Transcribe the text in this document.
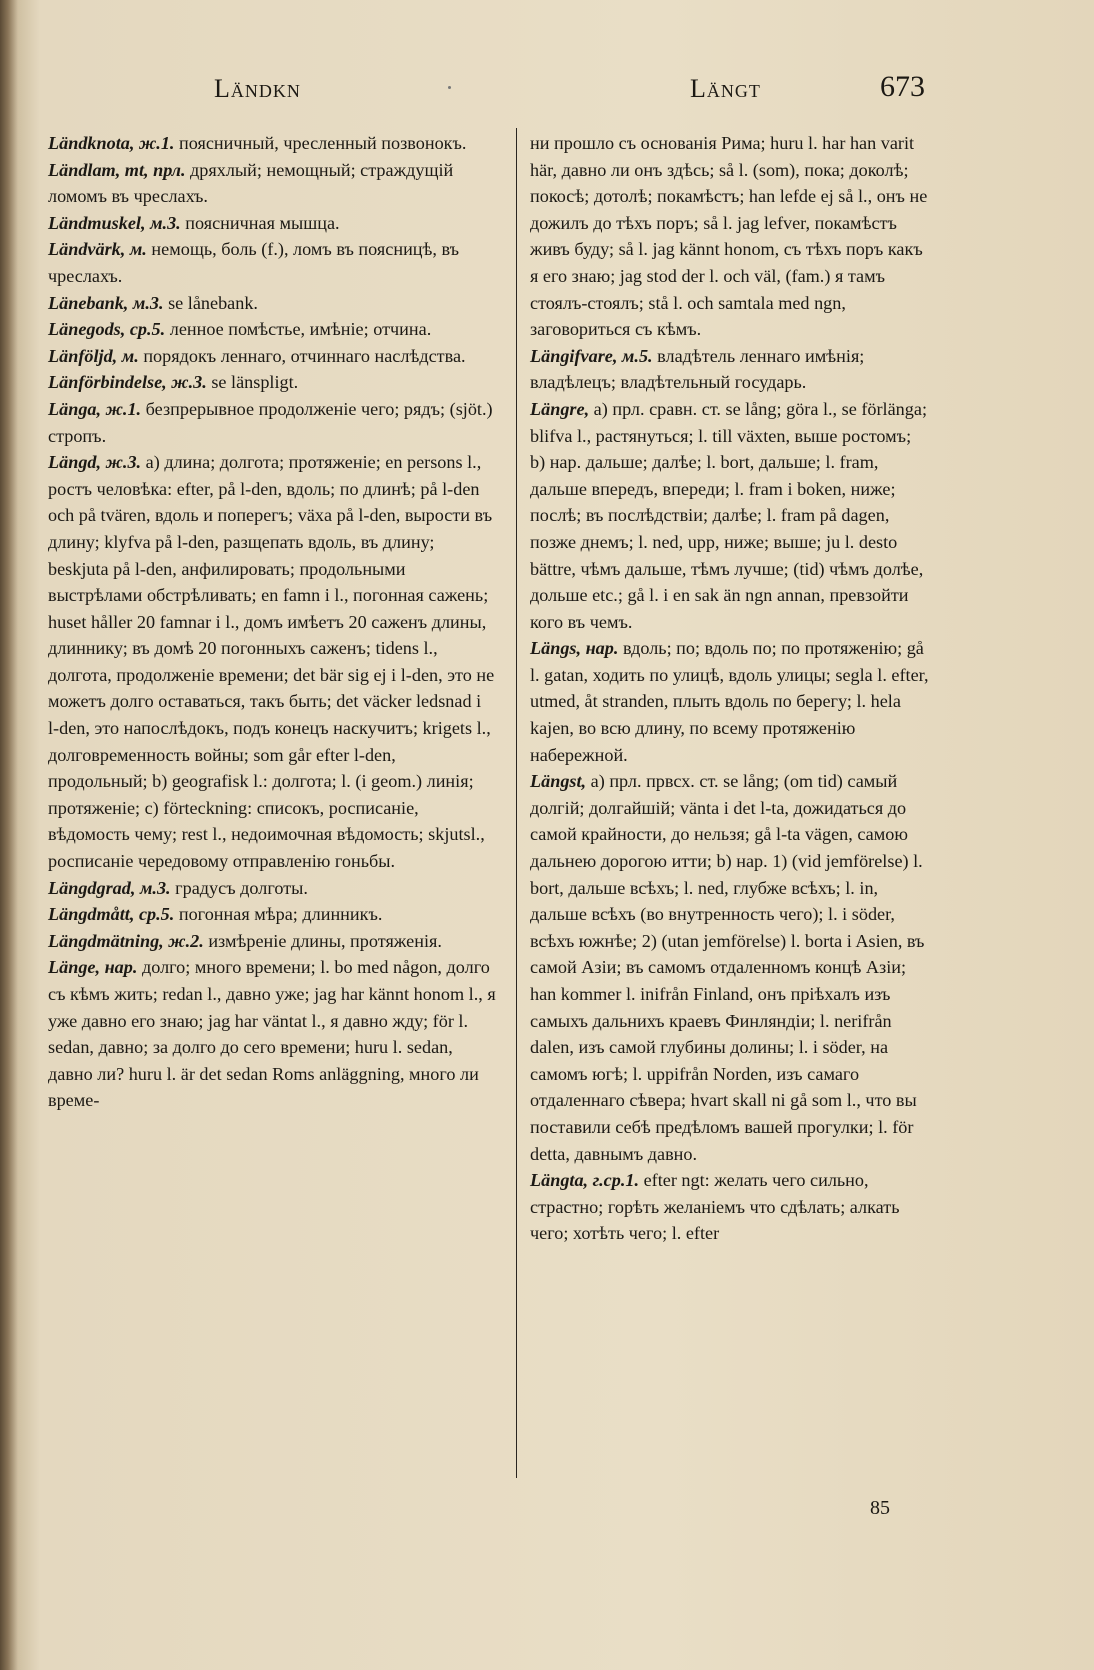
Ländkn	Längt	673
Ländknota, ж.1. поясничный, чресленный позвонокъ.
Ländlam, mt, прл. дряхлый; немощный; страждущій ломомъ въ чреслахъ.
Ländmuskel, м.3. поясничная мышца.
Ländvärk, м. немощь, боль (f.), ломъ въ поясницѣ, въ чреслахъ.
Länebank, м.3. se lånebank.
Länegods, ср.5. ленное помѣстье, имѣніе; отчина.
Länföljd, м. порядокъ леннаго, отчиннаго наслѣдства.
Länförbindelse, ж.3. se länspligt.
Länga, ж.1. безпрерывное продолженіе чего; рядъ; (sjöt.) стропъ.
Längd, ж.3. а) длина; долгота; протяженіе; en persons l., ростъ человѣка: efter, på l-den, вдоль; по длинѣ; på l-den och på tvären, вдоль и поперегъ; växa på l-den, вырости въ длину; klyfva på l-den, разщепать вдоль, въ длину; beskjuta på l-den, анфилировать; продольными выстрѣлами обстрѣливать; en famn i l., погонная сажень; huset håller 20 famnar i l., домъ имѣетъ 20 саженъ длины, длиннику; въ домѣ 20 погонныхъ саженъ; tidens l., долгота, продолженіе времени; det bär sig ej i l-den, это не можетъ долго оставаться, такъ быть; det väcker ledsnad i l-den, это напослѣдокъ, подъ конецъ наскучитъ; krigets l., долговременность войны; som går efter l-den, продольный; b) geografisk l.: долгота; l. (i geom.) линія; протяженіе; c) förteckning: списокъ, росписаніе, вѣдомость чему; rest l., недоимочная вѣдомость; skjutsl., росписаніе чередовому отправленію гоньбы.
Längdgrad, м.3. градусъ долготы.
Längdmått, ср.5. погонная мѣра; длинникъ.
Längdmätning, ж.2. измѣреніе длины, протяженія.
Länge, нар. долго; много времени; l. bo med någon, долго съ кѣмъ жить; redan l., давно уже; jag har kännt honom l., я уже давно его знаю; jag har väntat l., я давно жду; för l. sedan, давно; за долго до сего времени; huru l. sedan, давно ли? huru l. är det sedan Roms anläggning, много ли време-
ни прошло съ основанія Рима; huru l. har han varit här, давно ли онъ здѣсь; så l. (som), пока; доколѣ; покосѣ; дотолѣ; покамѣстъ; han lefde ej så l., онъ не дожилъ до тѣхъ поръ; så l. jag lefver, покамѣстъ живъ буду; så l. jag kännt honom, съ тѣхъ поръ какъ я его знаю; jag stod der l. och väl, (fam.) я тамъ стоялъ-стоялъ; stå l. och samtala med ngn, заговориться съ кѣмъ.
Längifvare, м.5. владѣтель леннаго имѣнія; владѣлецъ; владѣтельный государь.
Längre, а) прл. сравн. ст. se lång; göra l., se förlänga; blifva l., растянуться; l. till växten, выше ростомъ; b) нар. дальше; далѣе; l. bort, дальше; l. fram, дальше впередъ, впереди; l. fram i boken, ниже; послѣ; въ послѣдствіи; далѣе; l. fram på dagen, позже днемъ; l. ned, upp, ниже; выше; ju l. desto bättre, чѣмъ дальше, тѣмъ лучше; (tid) чѣмъ долѣе, дольше etc.; gå l. i en sak än ngn annan, превзойти кого въ чемъ.
Längs, нар. вдоль; по; вдоль по; по протяженію; gå l. gatan, ходить по улицѣ, вдоль улицы; segla l. efter, utmed, åt stranden, плыть вдоль по берегу; l. hela kajen, во всю длину, по всему протяженію набережной.
Längst, а) прл. првсх. ст. se lång; (om tid) самый долгій; долгайшій; vänta i det l-ta, дожидаться до самой крайности, до нельзя; gå l-ta vägen, самою дальнею дорогою итти; b) нар. 1) (vid jemförelse) l. bort, дальше всѣхъ; l. ned, глубже всѣхъ; l. in, дальше всѣхъ (во внутренность чего); l. i söder, всѣхъ южнѣе; 2) (utan jemförelse) l. borta i Asien, въ самой Азіи; въ самомъ отдаленномъ концѣ Азіи; han kommer l. inifrån Finland, онъ пріѣхалъ изъ самыхъ дальнихъ краевъ Финляндіи; l. nerifrån dalen, изъ самой глубины долины; l. i söder, на самомъ югѣ; l. uppifrån Norden, изъ самаго отдаленнаго сѣвера; hvart skall ni gå som l., что вы поставили себѣ предѣломъ вашей прогулки; l. för detta, давнымъ давно.
Längta, г.ср.1. efter ngt: желать чего сильно, страстно; горѣть желаніемъ что сдѣлать; алкать чего; хотѣть чего; l. efter
85
